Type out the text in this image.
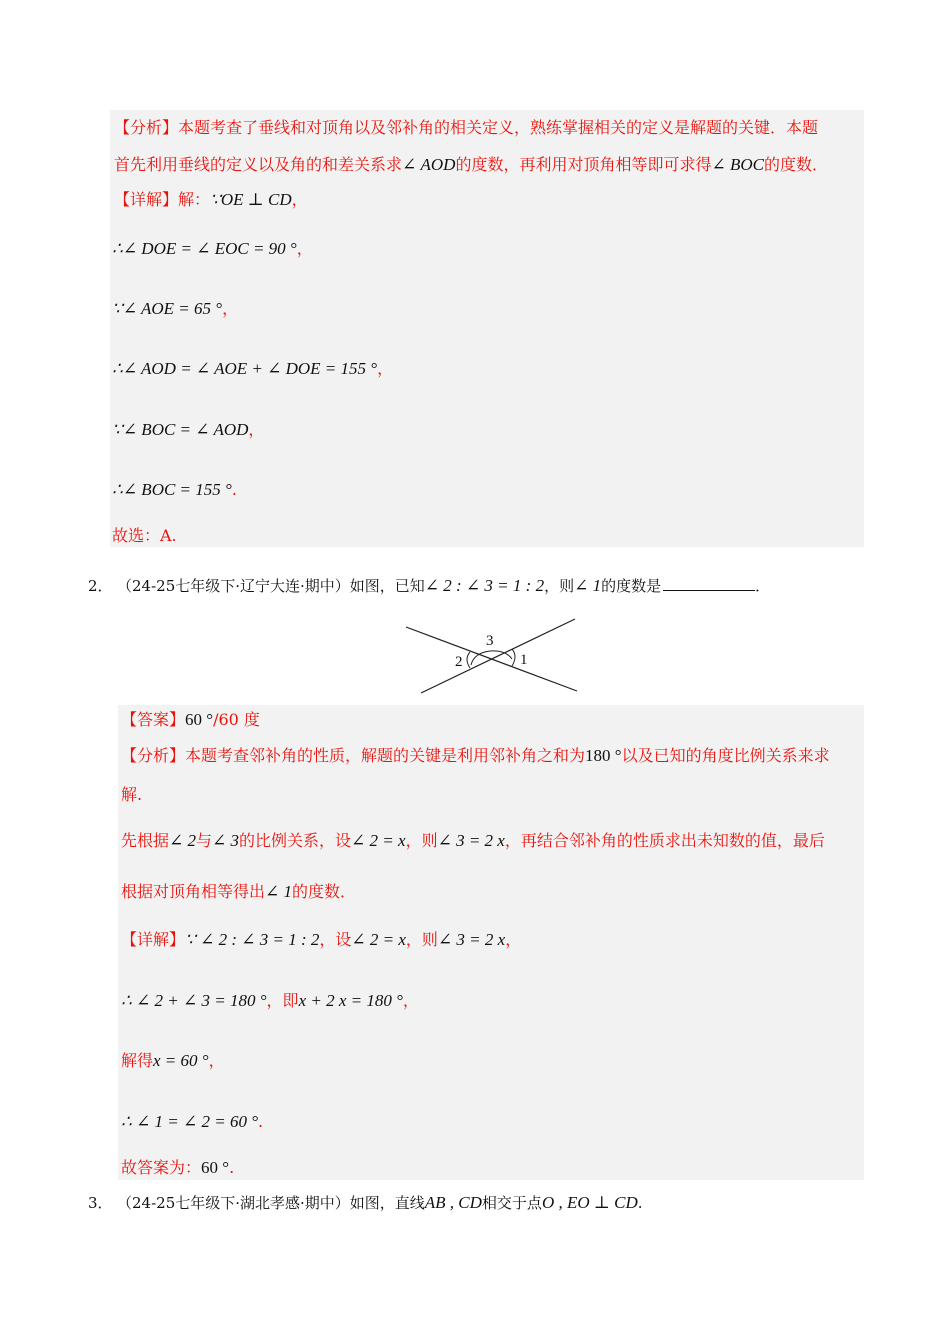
【分析】本题考查了垂线和对顶角以及邻补角的相关定义，熟练掌握相关的定义是解题的关键．本题
首先利用垂线的定义以及角的和差关系求∠ AOD的度数，再利用对顶角相等即可求得∠ BOC的度数．
【详解】解：∵OE ⊥ CD，
∴∠ DOE = ∠ EOC = 90 °，
∵∠ AOE = 65 °，
∴∠ AOD = ∠ AOE + ∠ DOE = 155 °，
∵∠ BOC = ∠ AOD，
∴∠ BOC = 155 °.
故选：A.
2． （24-25七年级下·辽宁大连·期中）如图，已知∠ 2 : ∠ 3 = 1 : 2，则∠ 1的度数是	．
3
2	1
【答案】60 °/60 度
【分析】本题考查邻补角的性质，解题的关键是利用邻补角之和为180 °以及已知的角度比例关系来求
解.
先根据∠ 2与∠ 3的比例关系，设∠ 2 = x，则∠ 3 = 2 x，再结合邻补角的性质求出未知数的值，最后
根据对顶角相等得出∠ 1的度数．
【详解】∵ ∠ 2 : ∠ 3 = 1 : 2，设∠ 2 = x，则∠ 3 = 2 x，
∴ ∠ 2 + ∠ 3 = 180 °，即x + 2 x = 180 °，
解得x = 60 °，
∴ ∠ 1 = ∠ 2 = 60 °.
故答案为：60 °.
3． （24-25七年级下·湖北孝感·期中）如图，直线AB , CD相交于点O , EO ⊥ CD.
